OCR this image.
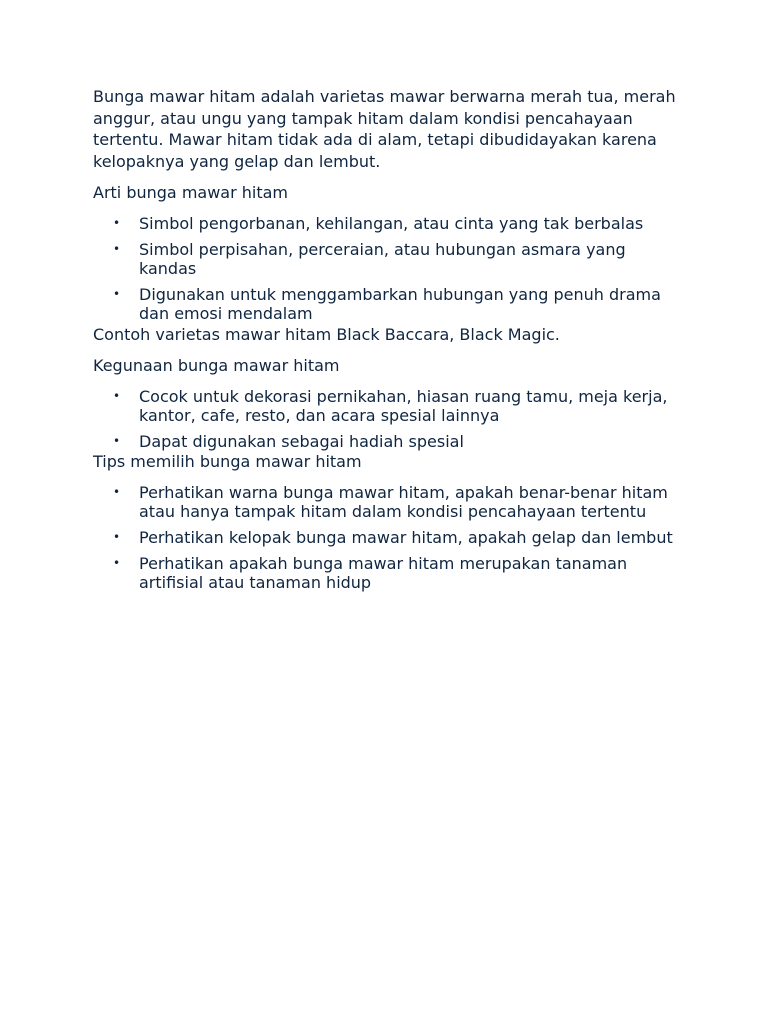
Bunga mawar hitam adalah varietas mawar berwarna merah tua, merah anggur, atau ungu yang tampak hitam dalam kondisi pencahayaan tertentu. Mawar hitam tidak ada di alam, tetapi dibudidayakan karena kelopaknya yang gelap dan lembut.

Arti bunga mawar hitam

• Simbol pengorbanan, kehilangan, atau cinta yang tak berbalas
• Simbol perpisahan, perceraian, atau hubungan asmara yang kandas
• Digunakan untuk menggambarkan hubungan yang penuh drama dan emosi mendalam

Contoh varietas mawar hitam Black Baccara, Black Magic.

Kegunaan bunga mawar hitam

• Cocok untuk dekorasi pernikahan, hiasan ruang tamu, meja kerja, kantor, cafe, resto, dan acara spesial lainnya
• Dapat digunakan sebagai hadiah spesial

Tips memilih bunga mawar hitam

• Perhatikan warna bunga mawar hitam, apakah benar-benar hitam atau hanya tampak hitam dalam kondisi pencahayaan tertentu
• Perhatikan kelopak bunga mawar hitam, apakah gelap dan lembut
• Perhatikan apakah bunga mawar hitam merupakan tanaman artifisial atau tanaman hidup
